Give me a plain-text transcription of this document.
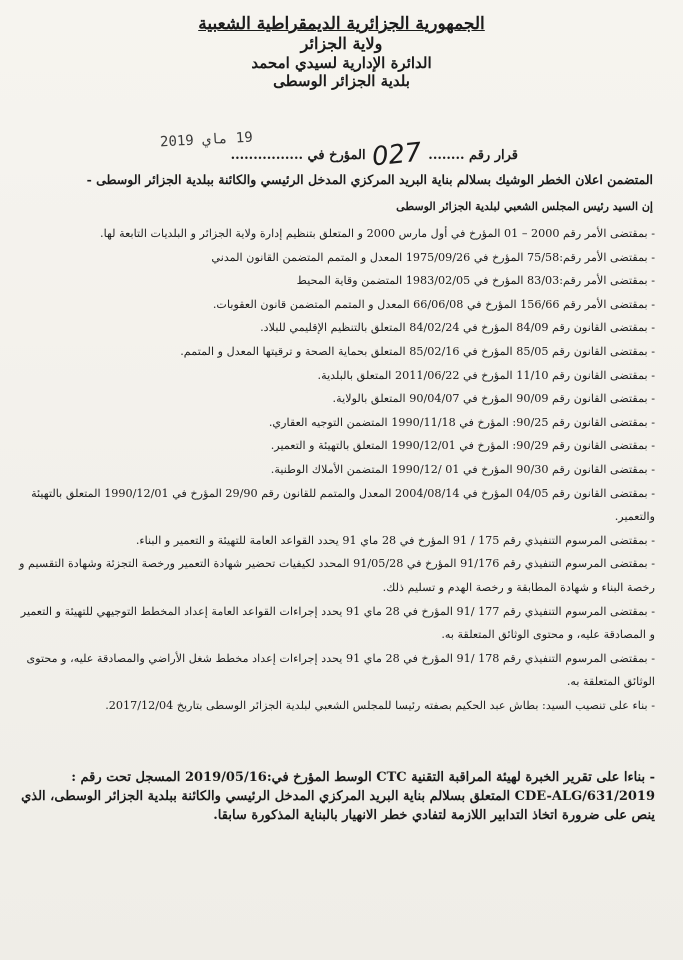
الجمهورية الجزائرية الديمقراطية الشعبية
ولاية الجزائر
الدائرة الإدارية لسيدي امحمد
بلدية الجزائر الوسطى
قرار رقم ........ 027 المؤرخ في ................
19 ماي 2019
المتضمن اعلان الخطر الوشيك بسلالم بناية البريد المركزي المدخل الرئيسي والكائنة ببلدية الجزائر الوسطى -
إن السيد رئيس المجلس الشعبي لبلدية الجزائر الوسطى

- بمقتضى الأمر رقم 2000 – 01 المؤرخ في أول مارس 2000 و المتعلق بتنظيم إدارة ولاية الجزائر و البلديات التابعة لها.

- بمقتضى الأمر رقم:75/58 المؤرخ في 1975/09/26 المعدل و المتمم المتضمن القانون المدني

- بمقتضى الأمر رقم:83/03 المؤرخ في 1983/02/05 المتضمن وقاية المحيط

- بمقتضى الأمر رقم 156/66 المؤرخ في 66/06/08 المعدل و المتمم المتضمن قانون العقوبات.

- بمقتضى القانون رقم 84/09 المؤرخ في 84/02/24 المتعلق بالتنظيم الإقليمي للبلاد.

- بمقتضى القانون رقم 85/05 المؤرخ في 85/02/16 المتعلق بحماية الصحة و ترقيتها المعدل و المتمم.

- بمقتضى القانون رقم 11/10 المؤرخ في 2011/06/22 المتعلق بالبلدية.

- بمقتضى القانون رقم 90/09 المؤرخ في 90/04/07 المتعلق بالولاية.

- بمقتضى القانون رقم 90/25: المؤرخ في 1990/11/18 المتضمن التوجيه العقاري.

- بمقتضى القانون رقم 90/29: المؤرخ في 1990/12/01 المتعلق بالتهيئة و التعمير.

- بمقتضى القانون رقم 90/30 المؤرخ في 01 /1990/12 المتضمن الأملاك الوطنية.

- بمقتضى القانون رقم 04/05 المؤرخ في 2004/08/14 المعدل والمتمم للقانون رقم 29/90 المؤرخ في 1990/12/01 المتعلق بالتهيئة والتعمير.

- بمقتضى المرسوم التنفيذي رقم 175 / 91 المؤرخ في 28 ماي 91 يحدد القواعد العامة للتهيئة و التعمير و البناء.

- بمقتضى المرسوم التنفيذي رقم 91/176 المؤرخ في 91/05/28 المحدد لكيفيات تحضير شهادة التعمير ورخصة التجزئة وشهادة التقسيم و رخصة البناء و شهادة المطابقة و رخصة الهدم و تسليم ذلك.

- بمقتضى المرسوم التنفيذي رقم 177 /91 المؤرخ في 28 ماي 91 يحدد إجراءات القواعد العامة إعداد المخطط التوجيهي للتهيئة و التعمير و المصادقة عليه، و محتوى الوثائق المتعلقة به.

- بمقتضى المرسوم التنفيذي رقم 178 /91 المؤرخ في 28 ماي 91 يحدد إجراءات إعداد مخطط شغل الأراضي والمصادقة عليه، و محتوى الوثائق المتعلقة به.

- بناء على تنصيب السيد: بطاش عبد الحكيم بصفته رئيسا للمجلس الشعبي لبلدية الجزائر الوسطى بتاريخ 2017/12/04.

- بناءا على تقرير الخبرة لهيئة المراقبة التقنية CTC الوسط المؤرخ في:2019/05/16 المسجل تحت رقم : 2019/CDE-ALG/631 المتعلق بسلالم بناية البريد المركزي المدخل الرئيسي والكائنة ببلدية الجزائر الوسطى، الذي ينص على ضرورة اتخاذ التدابير اللازمة لتفادي خطر الانهيار بالبناية المذكورة سابقا.
